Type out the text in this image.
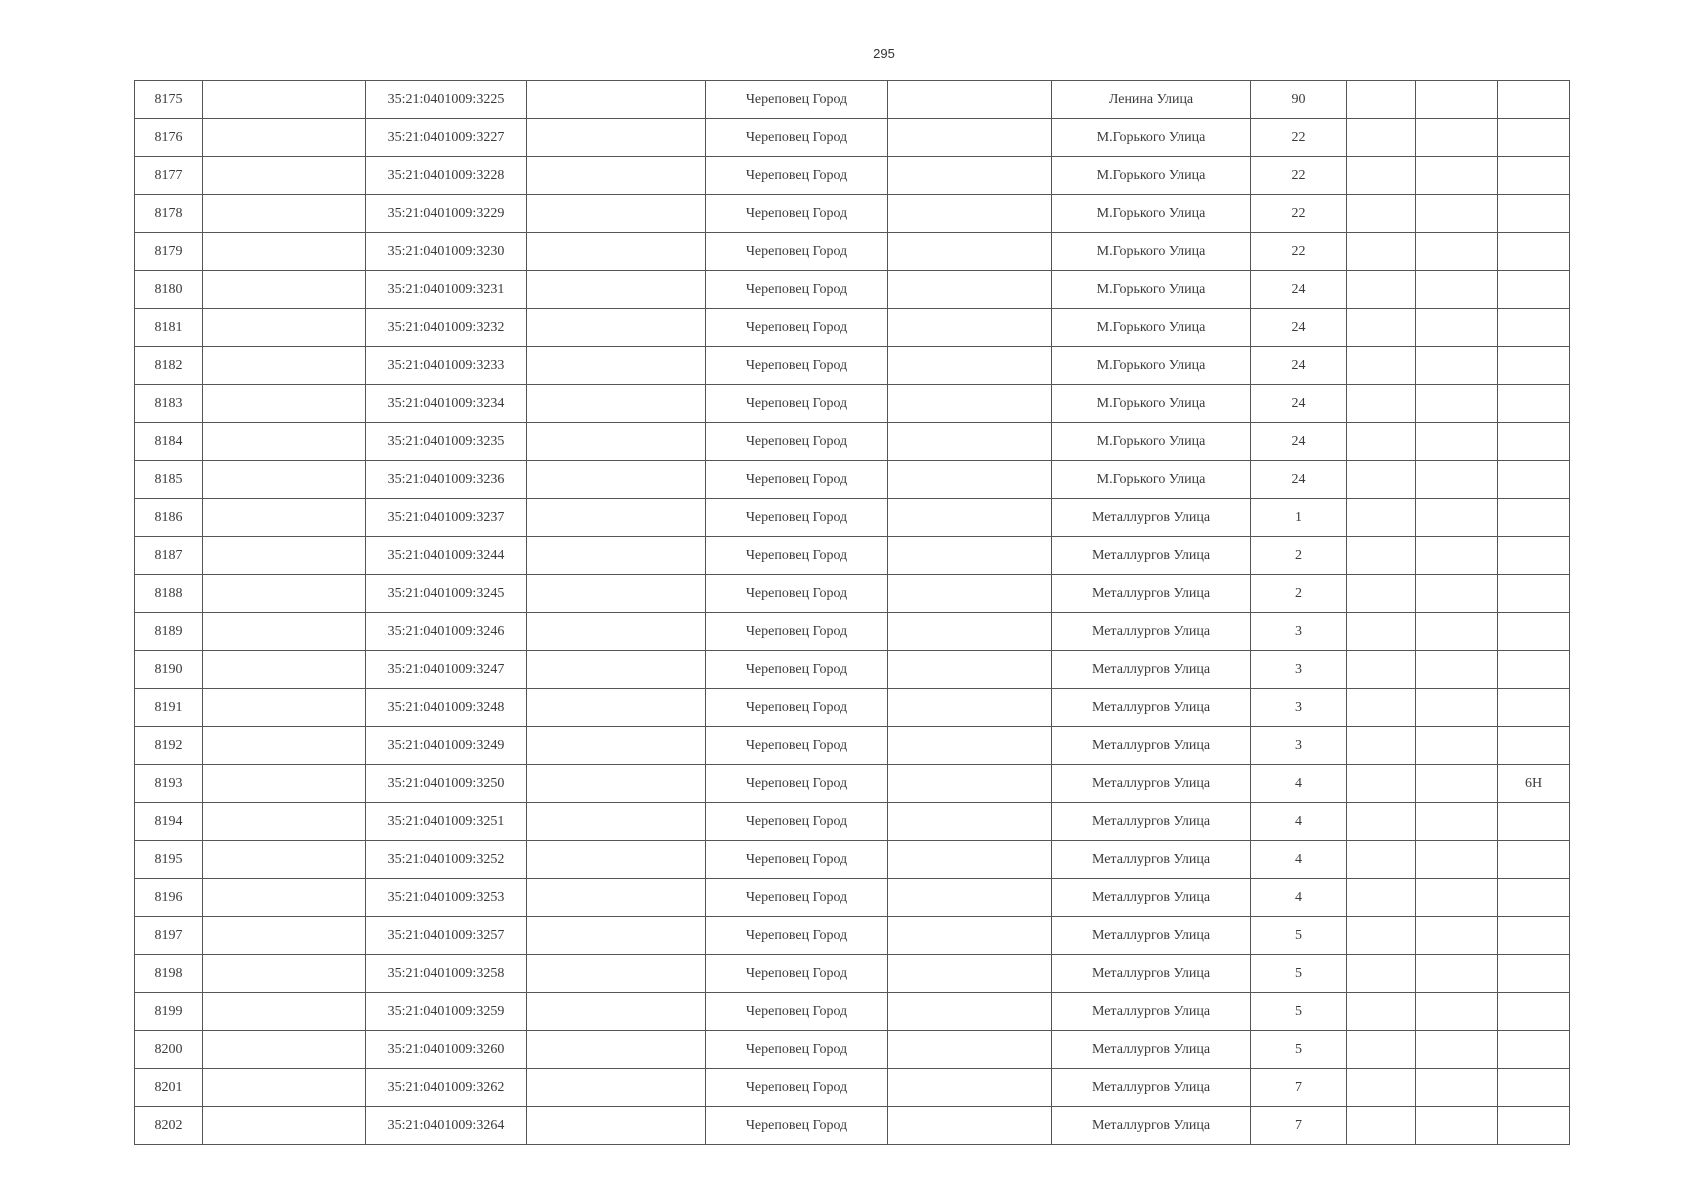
295
8175		35:21:0401009:3225		Череповец Город		Ленина Улица	90			
8176		35:21:0401009:3227		Череповец Город		М.Горького Улица	22			
8177		35:21:0401009:3228		Череповец Город		М.Горького Улица	22			
8178		35:21:0401009:3229		Череповец Город		М.Горького Улица	22			
8179		35:21:0401009:3230		Череповец Город		М.Горького Улица	22			
8180		35:21:0401009:3231		Череповец Город		М.Горького Улица	24			
8181		35:21:0401009:3232		Череповец Город		М.Горького Улица	24			
8182		35:21:0401009:3233		Череповец Город		М.Горького Улица	24			
8183		35:21:0401009:3234		Череповец Город		М.Горького Улица	24			
8184		35:21:0401009:3235		Череповец Город		М.Горького Улица	24			
8185		35:21:0401009:3236		Череповец Город		М.Горького Улица	24			
8186		35:21:0401009:3237		Череповец Город		Металлургов Улица	1			
8187		35:21:0401009:3244		Череповец Город		Металлургов Улица	2			
8188		35:21:0401009:3245		Череповец Город		Металлургов Улица	2			
8189		35:21:0401009:3246		Череповец Город		Металлургов Улица	3			
8190		35:21:0401009:3247		Череповец Город		Металлургов Улица	3			
8191		35:21:0401009:3248		Череповец Город		Металлургов Улица	3			
8192		35:21:0401009:3249		Череповец Город		Металлургов Улица	3			
8193		35:21:0401009:3250		Череповец Город		Металлургов Улица	4			6Н
8194		35:21:0401009:3251		Череповец Город		Металлургов Улица	4			
8195		35:21:0401009:3252		Череповец Город		Металлургов Улица	4			
8196		35:21:0401009:3253		Череповец Город		Металлургов Улица	4			
8197		35:21:0401009:3257		Череповец Город		Металлургов Улица	5			
8198		35:21:0401009:3258		Череповец Город		Металлургов Улица	5			
8199		35:21:0401009:3259		Череповец Город		Металлургов Улица	5			
8200		35:21:0401009:3260		Череповец Город		Металлургов Улица	5			
8201		35:21:0401009:3262		Череповец Город		Металлургов Улица	7			
8202		35:21:0401009:3264		Череповец Город		Металлургов Улица	7			
